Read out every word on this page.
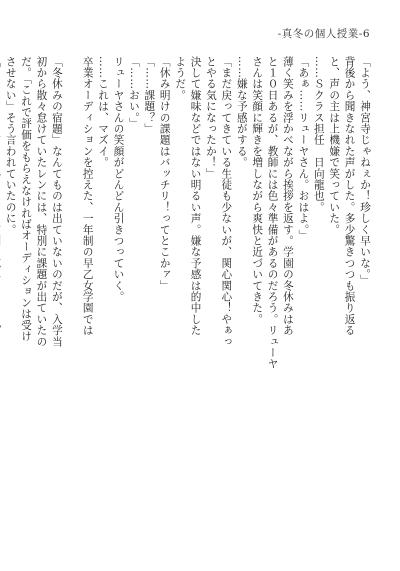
-真冬の個人授業-6
「よう、神宮寺じゃねぇか！珍しく早いな。」
背後から聞きなれた声がした。多少驚きつつも振り返る
と、声の主は上機嫌で笑っていた。
……Ｓクラス担任　日向龍也。
「あぁ……リューヤさん。おはよ。」
薄く笑みを浮かべながら挨拶を返す。学園の冬休みはあ
と１０日あるが、教師には色々準備があるのだろう。リューヤ
さんは笑顔に輝きを増しながら爽快と近づいてきた。
……嫌な予感がする。
「まだ戻ってきている生徒も少ないが、関心関心！やぁっ
とやる気になったか！」
決して嫌味などではない明るい声。嫌な予感は的中した
ようだ。
「休み明けの課題はバッチリ！ってとこかァ」
「……課題？」
「……おい。」
リューヤさんの笑顔がどんどん引きつっていく。
……これは、マズイ。
卒業オーディションを控えた、一年制の早乙女学園では

「冬休みの宿題」なんてものは出ていないのだが、入学当
初から散々怠けていたレンには、特別に課題が出ていたの
だ。「これで評価をもらえなければオーディションは受け
させない」そう言われていたのに。
